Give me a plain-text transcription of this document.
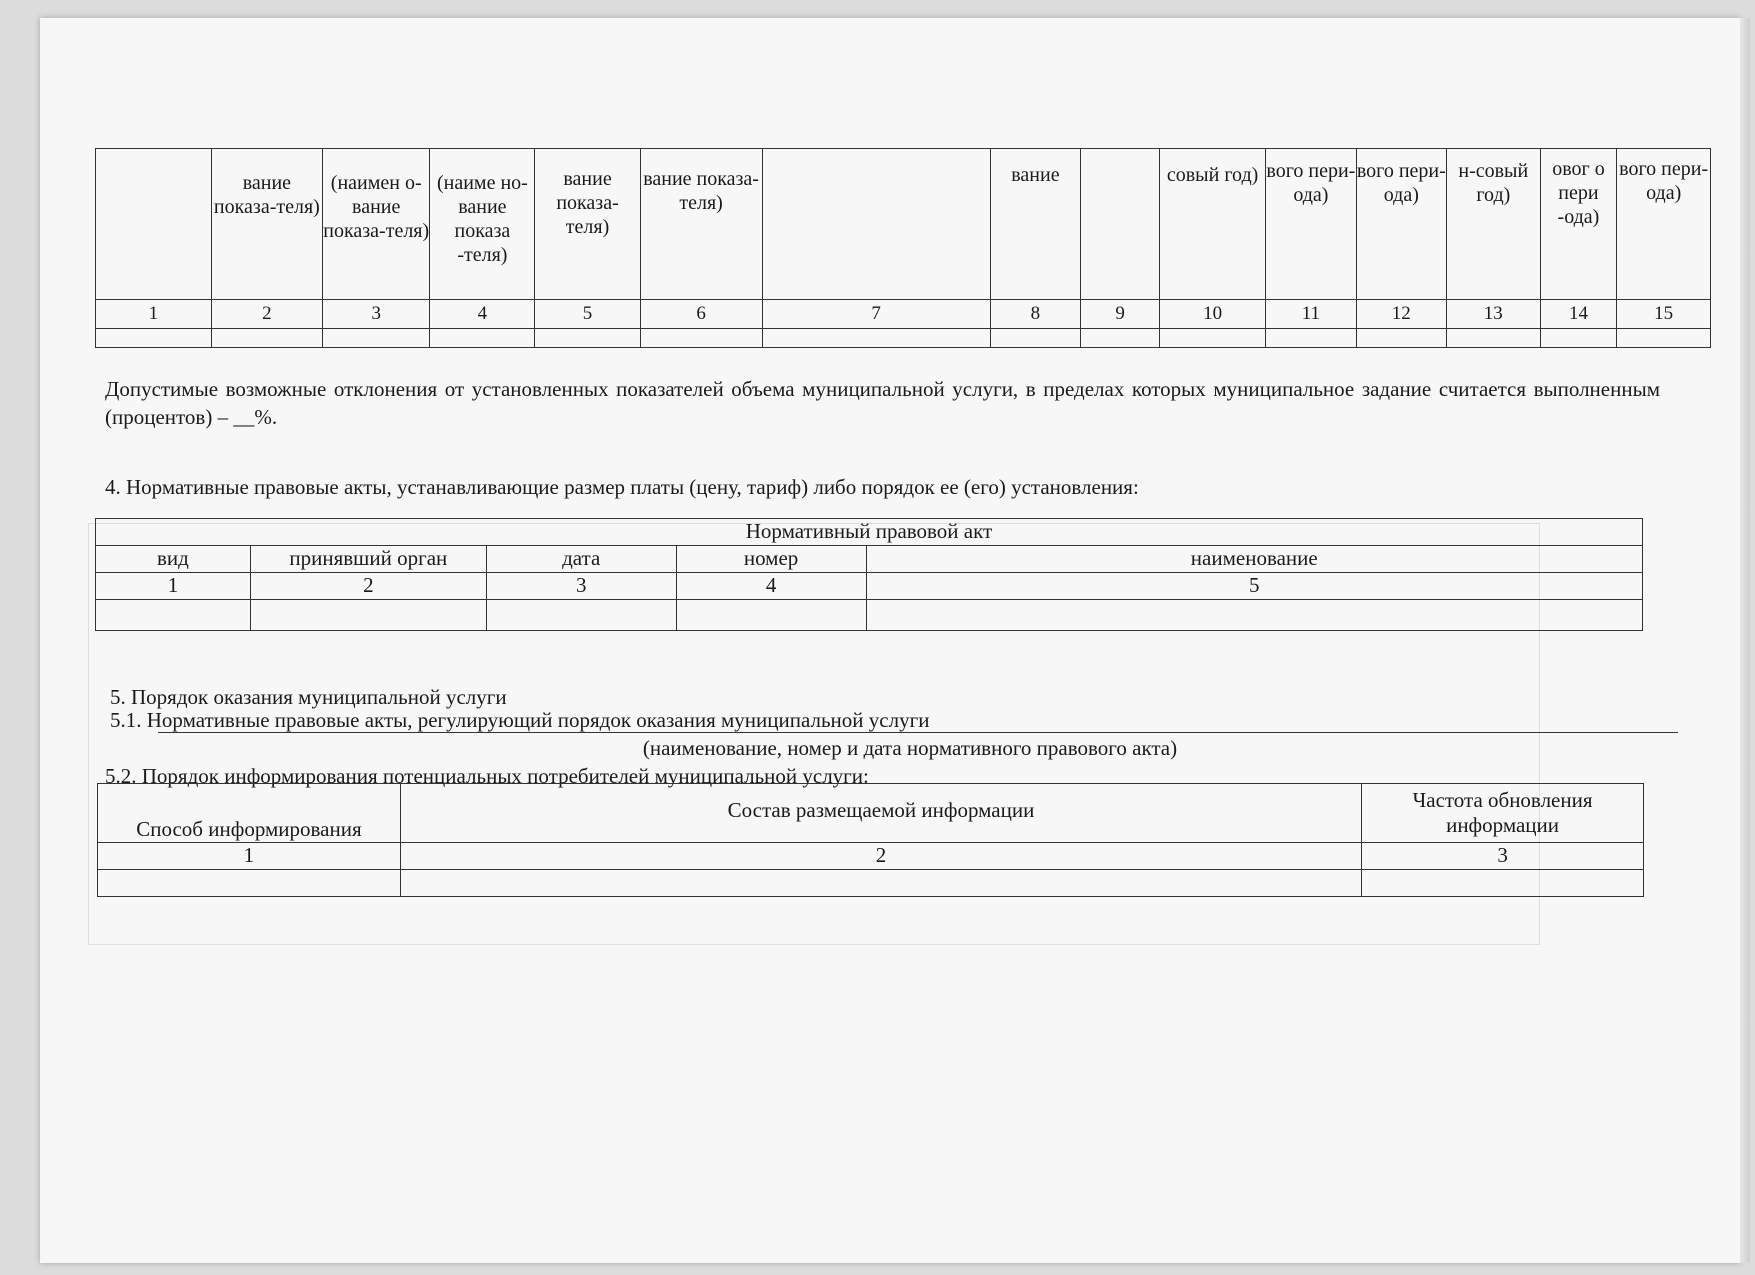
	вание показа-теля)	(наимен о-вание показа-теля)	(наиме но-вание показа -теля)	вание показа-теля)	вание показа-теля)		вание		совый год)	вого пери-ода)	вого пери-ода)	н-совый год)	овог о пери -ода)	вого пери-ода)
1	2	3	4	5	6	7	8	9	10	11	12	13	14	15

Допустимые возможные отклонения от установленных показателей объема муниципальной услуги, в пределах которых муниципальное задание считается выполненным (процентов) – __%.
4. Нормативные правовые акты, устанавливающие размер платы (цену, тариф) либо порядок ее (его) установления:
Нормативный правовой акт				
вид	принявший орган	дата	номер	наименование
1	2	3	4	5

5. Порядок оказания муниципальной услуги
5.1. Нормативные правовые акты, регулирующий порядок оказания муниципальной услуги
(наименование, номер и дата нормативного правового акта)
5.2. Порядок информирования потенциальных потребителей муниципальной услуги:
Способ информирования	Состав размещаемой информации	Частота обновления информации
1	2	3
